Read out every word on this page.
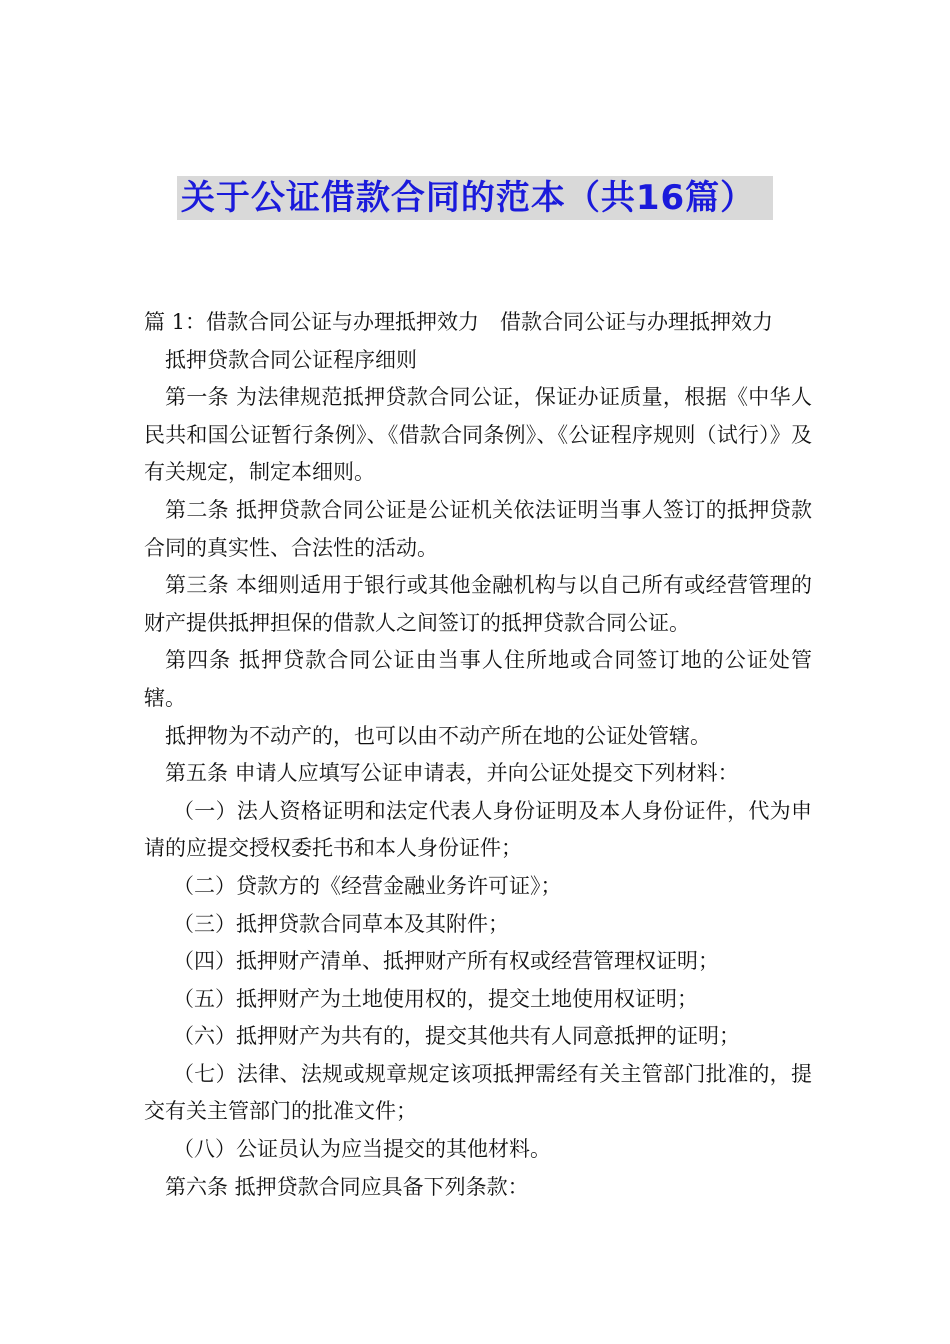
关于公证借款合同的范本（共16篇）

篇 1：借款合同公证与办理抵押效力　借款合同公证与办理抵押效力

抵押贷款合同公证程序细则

第一条 为法律规范抵押贷款合同公证，保证办证质量，根据《中华人民共和国公证暂行条例》、《借款合同条例》、《公证程序规则（试行）》及有关规定，制定本细则。

第二条 抵押贷款合同公证是公证机关依法证明当事人签订的抵押贷款合同的真实性、合法性的活动。

第三条 本细则适用于银行或其他金融机构与以自己所有或经营管理的财产提供抵押担保的借款人之间签订的抵押贷款合同公证。

第四条 抵押贷款合同公证由当事人住所地或合同签订地的公证处管辖。

抵押物为不动产的，也可以由不动产所在地的公证处管辖。

第五条 申请人应填写公证申请表，并向公证处提交下列材料：

（一）法人资格证明和法定代表人身份证明及本人身份证件，代为申请的应提交授权委托书和本人身份证件；

（二）贷款方的《经营金融业务许可证》；

（三）抵押贷款合同草本及其附件；

（四）抵押财产清单、抵押财产所有权或经营管理权证明；

（五）抵押财产为土地使用权的，提交土地使用权证明；

（六）抵押财产为共有的，提交其他共有人同意抵押的证明；

（七）法律、法规或规章规定该项抵押需经有关主管部门批准的，提交有关主管部门的批准文件；

（八）公证员认为应当提交的其他材料。

第六条 抵押贷款合同应具备下列条款：
